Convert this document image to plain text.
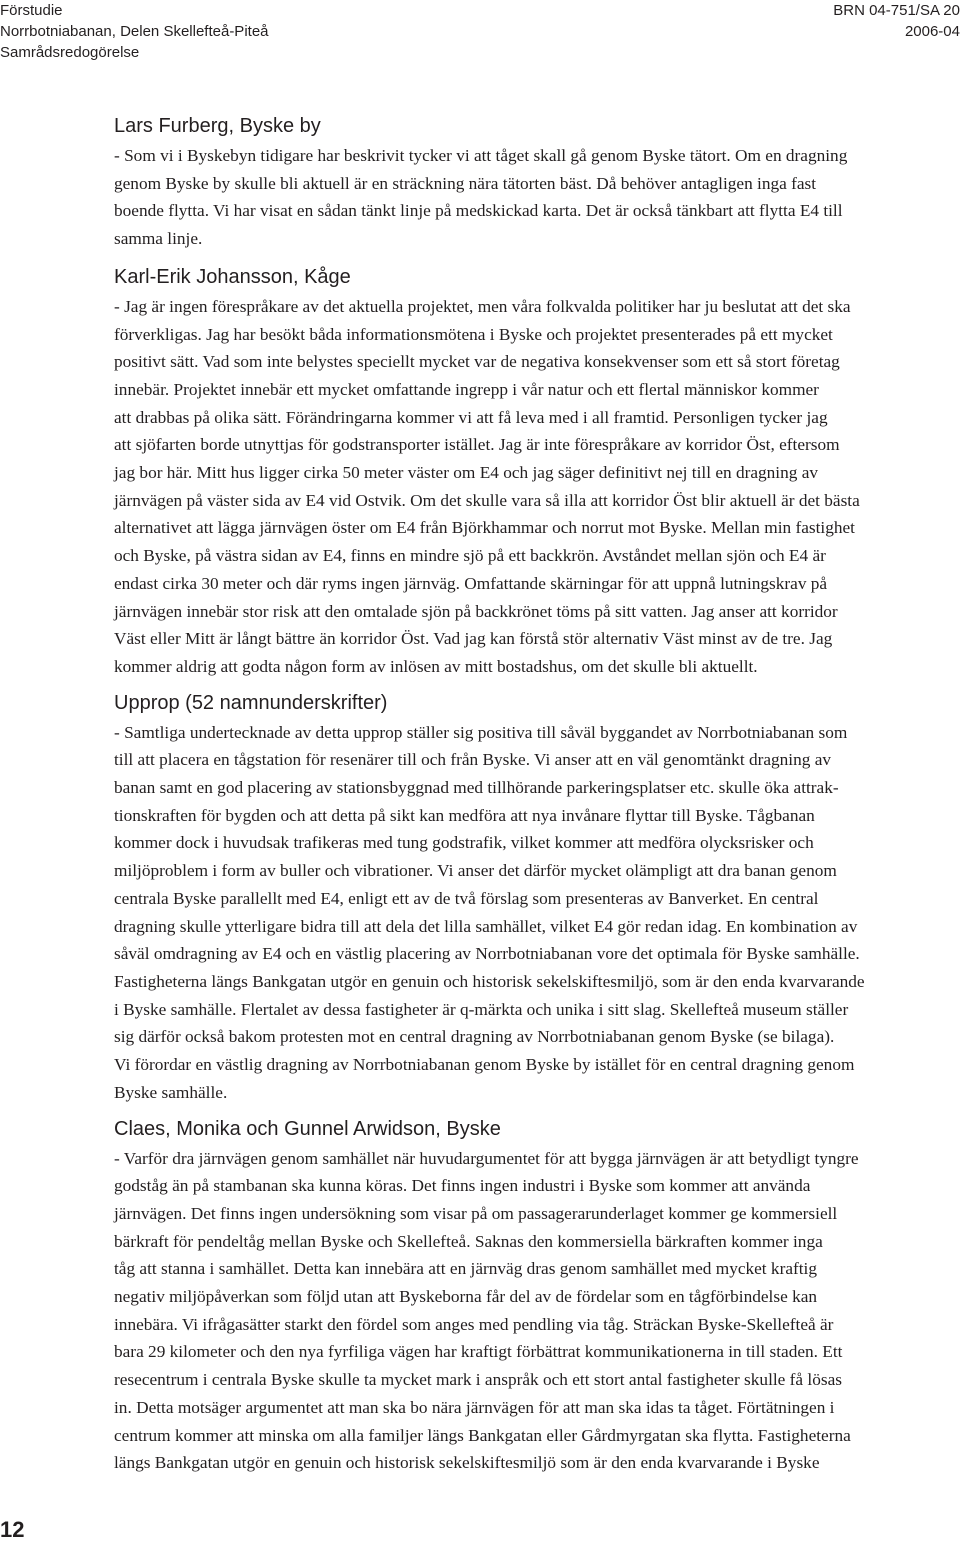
Förstudie
Norrbotniabanan, Delen Skellefteå-Piteå
Samrådsredogörelse
BRN 04-751/SA 20
2006-04
Lars Furberg, Byske by

- Som vi i Byskebyn tidigare har beskrivit tycker vi att tåget skall gå genom Byske tätort. Om en dragning
genom Byske by skulle bli aktuell är en sträckning nära tätorten bäst. Då behöver antagligen inga fast
boende flytta. Vi har visat en sådan tänkt linje på medskickad karta. Det är också tänkbart att flytta E4 till
samma linje.

Karl-Erik Johansson, Kåge

- Jag är ingen förespråkare av det aktuella projektet, men våra folkvalda politiker har ju beslutat att det ska
förverkligas. Jag har besökt båda informationsmötena i Byske och projektet presenterades på ett mycket
positivt sätt. Vad som inte belystes speciellt mycket var de negativa konsekvenser som ett så stort företag
innebär. Projektet innebär ett mycket omfattande ingrepp i vår natur och ett flertal människor kommer
att drabbas på olika sätt. Förändringarna kommer vi att få leva med i all framtid. Personligen tycker jag
att sjöfarten borde utnyttjas för godstransporter istället. Jag är inte förespråkare av korridor Öst, eftersom
jag bor här. Mitt hus ligger cirka 50 meter väster om E4 och jag säger definitivt nej till en dragning av
järnvägen på väster sida av E4 vid Ostvik. Om det skulle vara så illa att korridor Öst blir aktuell är det bästa
alternativet att lägga järnvägen öster om E4 från Björkhammar och norrut mot Byske. Mellan min fastighet
och Byske, på västra sidan av E4, finns en mindre sjö på ett backkrön. Avståndet mellan sjön och E4 är
endast cirka 30 meter och där ryms ingen järnväg. Omfattande skärningar för att uppnå lutningskrav på
järnvägen innebär stor risk att den omtalade sjön på backkrönet töms på sitt vatten. Jag anser att korridor
Väst eller Mitt är långt bättre än korridor Öst. Vad jag kan förstå stör alternativ Väst minst av de tre. Jag
kommer aldrig att godta någon form av inlösen av mitt bostadshus, om det skulle bli aktuellt.

Upprop (52 namnunderskrifter)

- Samtliga undertecknade av detta upprop ställer sig positiva till såväl byggandet av Norrbotniabanan som
till att placera en tågstation för resenärer till och från Byske. Vi anser att en väl genomtänkt dragning av
banan samt en god placering av stationsbyggnad med tillhörande parkeringsplatser etc. skulle öka attrak-
tionskraften för bygden och att detta på sikt kan medföra att nya invånare flyttar till Byske. Tågbanan
kommer dock i huvudsak trafikeras med tung godstrafik, vilket kommer att medföra olycksrisker och
miljöproblem i form av buller och vibrationer. Vi anser det därför mycket olämpligt att dra banan genom
centrala Byske parallellt med E4, enligt ett av de två förslag som presenteras av Banverket. En central
dragning skulle ytterligare bidra till att dela det lilla samhället, vilket E4 gör redan idag. En kombination av
såväl omdragning av E4 och en västlig placering av Norrbotniabanan vore det optimala för Byske samhälle.
Fastigheterna längs Bankgatan utgör en genuin och historisk sekelskiftesmiljö, som är den enda kvarvarande
i Byske samhälle. Flertalet av dessa fastigheter är q-märkta och unika i sitt slag. Skellefteå museum ställer
sig därför också bakom protesten mot en central dragning av Norrbotniabanan genom Byske (se bilaga).
Vi förordar en västlig dragning av Norrbotniabanan genom Byske by istället för en central dragning genom
Byske samhälle.

Claes, Monika och Gunnel Arwidson, Byske

- Varför dra järnvägen genom samhället när huvudargumentet för att bygga järnvägen är att betydligt tyngre
godståg än på stambanan ska kunna köras. Det finns ingen industri i Byske som kommer att använda
järnvägen. Det finns ingen undersökning som visar på om passagerarunderlaget kommer ge kommersiell
bärkraft för pendeltåg mellan Byske och Skellefteå. Saknas den kommersiella bärkraften kommer inga
tåg att stanna i samhället. Detta kan innebära att en järnväg dras genom samhället med mycket kraftig
negativ miljöpåverkan som följd utan att Byskeborna får del av de fördelar som en tågförbindelse kan
innebära. Vi ifrågasätter starkt den fördel som anges med pendling via tåg. Sträckan Byske-Skellefteå är
bara 29 kilometer och den nya fyrfiliga vägen har kraftigt förbättrat kommunikationerna in till staden. Ett
resecentrum i centrala Byske skulle ta mycket mark i anspråk och ett stort antal fastigheter skulle få lösas
in. Detta motsäger argumentet att man ska bo nära järnvägen för att man ska idas ta tåget. Förtätningen i
centrum kommer att minska om alla familjer längs Bankgatan eller Gårdmyrgatan ska flytta. Fastigheterna
längs Bankgatan utgör en genuin och historisk sekelskiftesmiljö som är den enda kvarvarande i Byske

12
